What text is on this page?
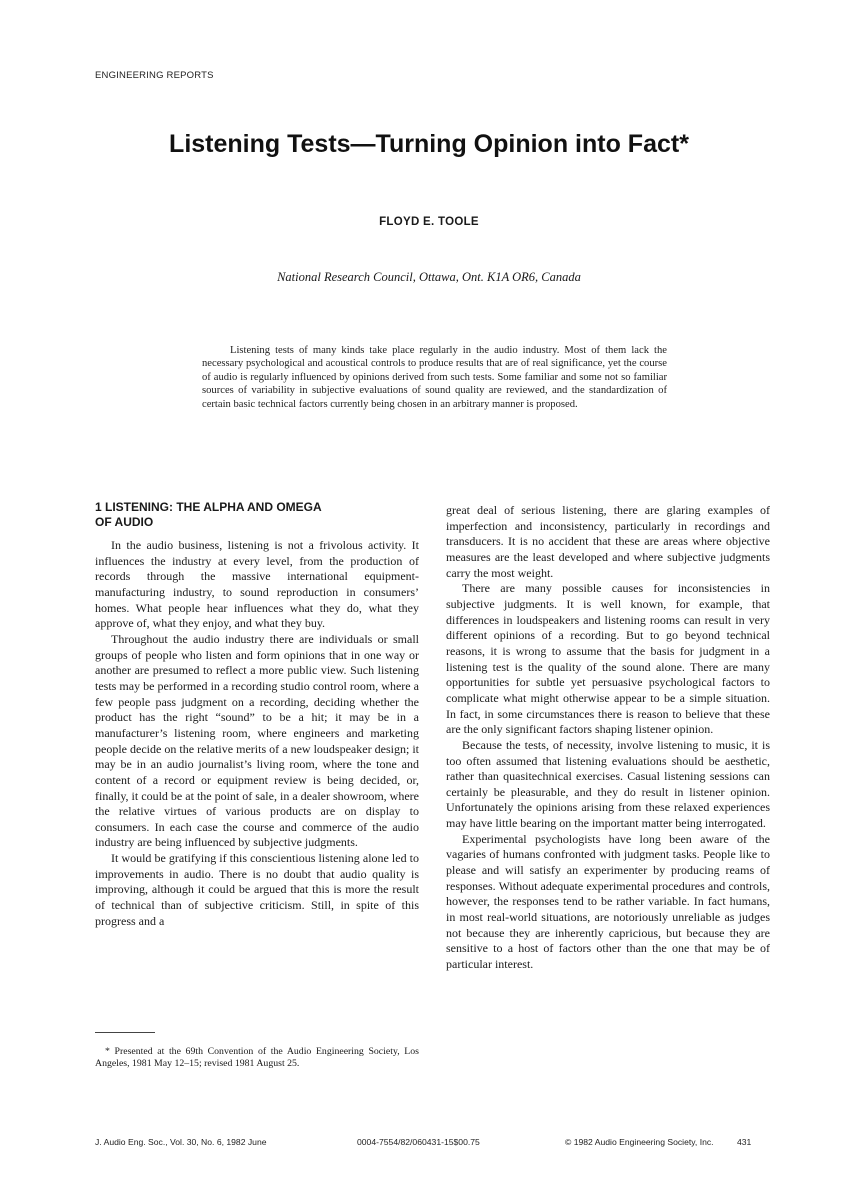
ENGINEERING REPORTS
Listening Tests—Turning Opinion into Fact*
FLOYD E. TOOLE
National Research Council, Ottawa, Ont. K1A OR6, Canada

Listening tests of many kinds take place regularly in the audio industry. Most of them lack the necessary psychological and acoustical controls to produce results that are of real significance, yet the course of audio is regularly influenced by opinions derived from such tests. Some familiar and some not so familiar sources of variability in subjective evaluations of sound quality are reviewed, and the standardization of certain basic technical factors currently being chosen in an arbitrary manner is proposed.

1 LISTENING: THE ALPHA AND OMEGA
OF AUDIO

In the audio business, listening is not a frivolous activity. It influences the industry at every level, from the production of records through the massive international equipment-manufacturing industry, to sound reproduction in consumers’ homes. What people hear influences what they do, what they approve of, what they enjoy, and what they buy.

Throughout the audio industry there are individuals or small groups of people who listen and form opinions that in one way or another are presumed to reflect a more public view. Such listening tests may be performed in a recording studio control room, where a few people pass judgment on a recording, deciding whether the product has the right “sound” to be a hit; it may be in a manufacturer’s listening room, where engineers and marketing people decide on the relative merits of a new loudspeaker design; it may be in an audio journalist’s living room, where the tone and content of a record or equipment review is being decided, or, finally, it could be at the point of sale, in a dealer showroom, where the relative virtues of various products are on display to consumers. In each case the course and commerce of the audio industry are being influenced by subjective judgments.

It would be gratifying if this conscientious listening alone led to improvements in audio. There is no doubt that audio quality is improving, although it could be argued that this is more the result of technical than of subjective criticism. Still, in spite of this progress and a

great deal of serious listening, there are glaring examples of imperfection and inconsistency, particularly in recordings and transducers. It is no accident that these are areas where objective measures are the least developed and where subjective judgments carry the most weight.

There are many possible causes for inconsistencies in subjective judgments. It is well known, for example, that differences in loudspeakers and listening rooms can result in very different opinions of a recording. But to go beyond technical reasons, it is wrong to assume that the basis for judgment in a listening test is the quality of the sound alone. There are many opportunities for subtle yet persuasive psychological factors to complicate what might otherwise appear to be a simple situation. In fact, in some circumstances there is reason to believe that these are the only significant factors shaping listener opinion.

Because the tests, of necessity, involve listening to music, it is too often assumed that listening evaluations should be aesthetic, rather than quasitechnical exercises. Casual listening sessions can certainly be pleasurable, and they do result in listener opinion. Unfortunately the opinions arising from these relaxed experiences may have little bearing on the important matter being interrogated.

Experimental psychologists have long been aware of the vagaries of humans confronted with judgment tasks. People like to please and will satisfy an experimenter by producing reams of responses. Without adequate experimental procedures and controls, however, the responses tend to be rather variable. In fact humans, in most real-world situations, are notoriously unreliable as judges not because they are inherently capricious, but because they are sensitive to a host of factors other than the one that may be of particular interest.

* Presented at the 69th Convention of the Audio Engineering Society, Los Angeles, 1981 May 12–15; revised 1981 August 25.

J. Audio Eng. Soc., Vol. 30, No. 6, 1982 June	0004-7554/82/060431-15$00.75	© 1982 Audio Engineering Society, Inc.	431
